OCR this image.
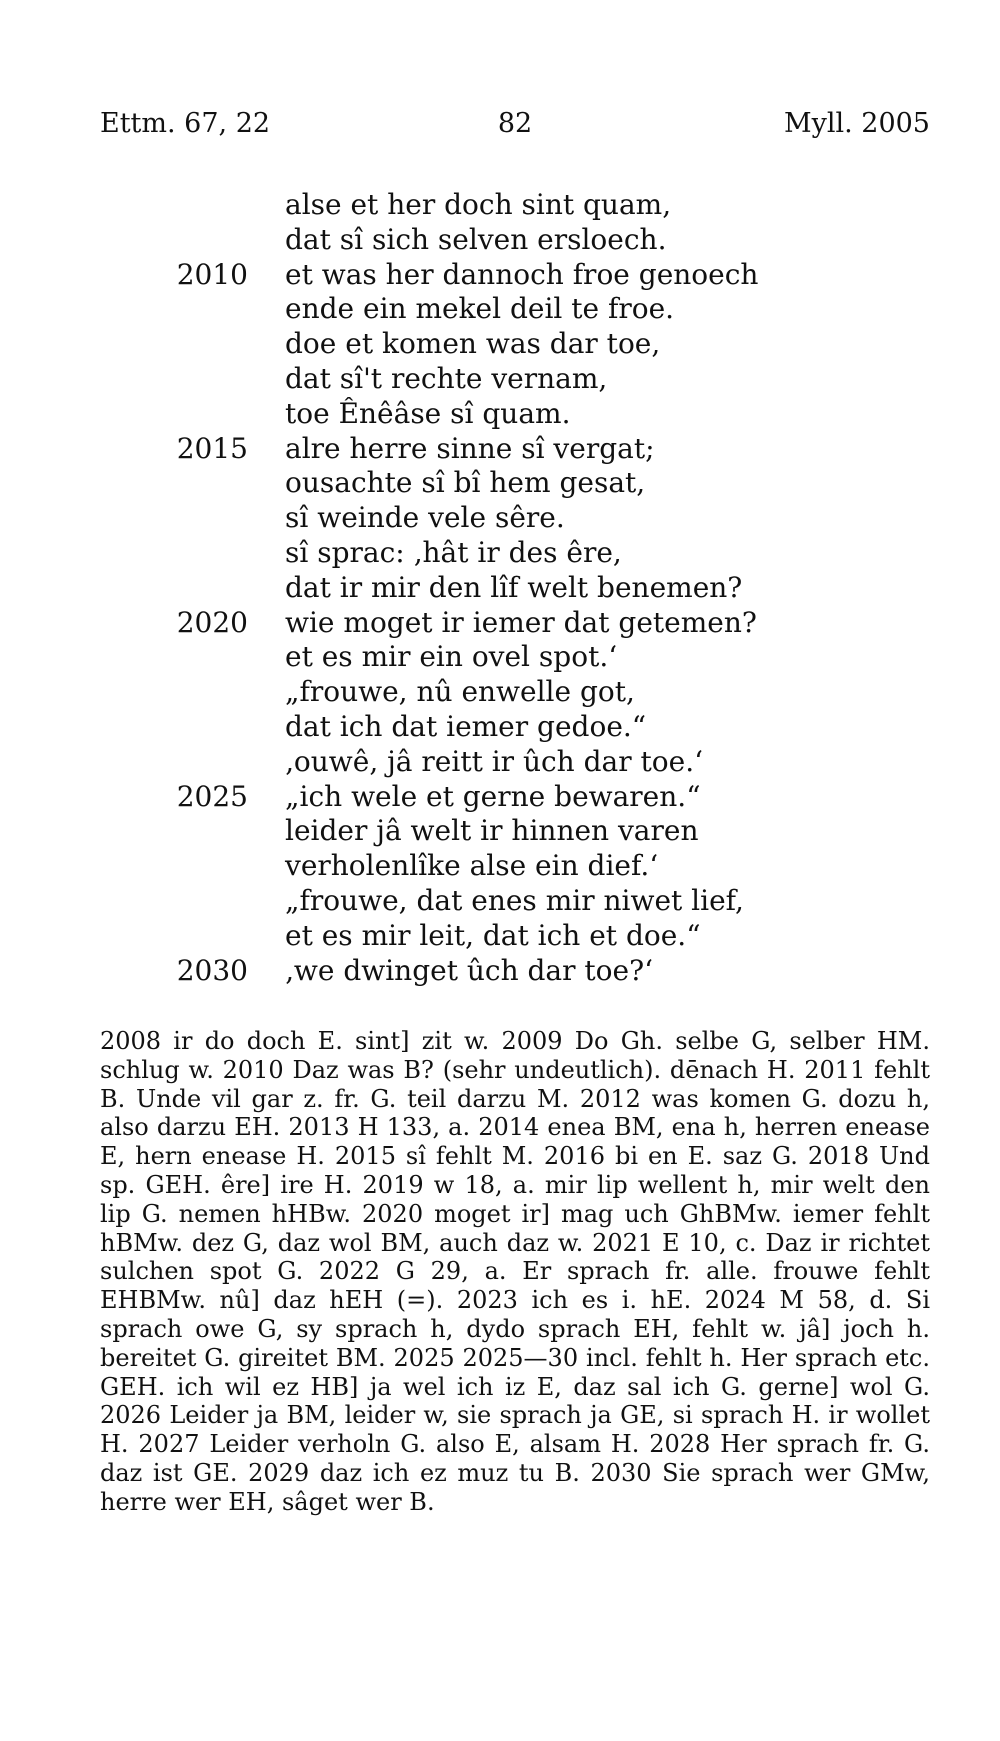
Ettm. 67, 22	82	Myll. 2005
alse et her doch sint quam,
dat sî sich selven ersloech.
2010 et was her dannoch froe genoech
ende ein mekel deil te froe.
doe et komen was dar toe,
dat sî't rechte vernam,
toe Ênêâse sî quam.
2015 alre herre sinne sî vergat;
ousachte sî bî hem gesat,
sî weinde vele sêre.
sî sprac: ‚hât ir des êre,
dat ir mir den lîf welt benemen?
2020 wie moget ir iemer dat getemen?
et es mir ein ovel spot.‘
„frouwe, nû enwelle got,
dat ich dat iemer gedoe.“
‚ouwê, jâ reitt ir ûch dar toe.‘
2025 „ich wele et gerne bewaren.“
leider jâ welt ir hinnen varen
verholenlîke alse ein dief.‘
„frouwe, dat enes mir niwet lief,
et es mir leit, dat ich et doe.“
2030 ‚we dwinget ûch dar toe?‘

2008 ir do doch E. sint] zit w. 2009 Do Gh. selbe G, selber HM. schlug w. 2010 Daz was B? (sehr undeutlich). dēnach H. 2011 fehlt B. Unde vil gar z. fr. G. teil darzu M. 2012 was komen G. dozu h, also darzu EH. 2013 H 133, a. 2014 enea BM, ena h, herren enease E, hern enease H. 2015 sî fehlt M. 2016 bi en E. saz G. 2018 Und sp. GEH. êre] ire H. 2019 w 18, a. mir lip wellent h, mir welt den lip G. nemen hHBw. 2020 moget ir] mag uch GhBMw. iemer fehlt hBMw. dez G, daz wol BM, auch daz w. 2021 E 10, c. Daz ir richtet sulchen spot G. 2022 G 29, a. Er sprach fr. alle. frouwe fehlt EHBMw. nû] daz hEH (=). 2023 ich es i. hE. 2024 M 58, d. Si sprach owe G, sy sprach h, dydo sprach EH, fehlt w. jâ] joch h. bereitet G. gireitet BM. 2025 2025—30 incl. fehlt h. Her sprach etc. GEH. ich wil ez HB] ja wel ich iz E, daz sal ich G. gerne] wol G. 2026 Leider ja BM, leider w, sie sprach ja GE, si sprach H. ir wollet H. 2027 Leider verholn G. also E, alsam H. 2028 Her sprach fr. G. daz ist GE. 2029 daz ich ez muz tu B. 2030 Sie sprach wer GMw, herre wer EH, sâget wer B.
